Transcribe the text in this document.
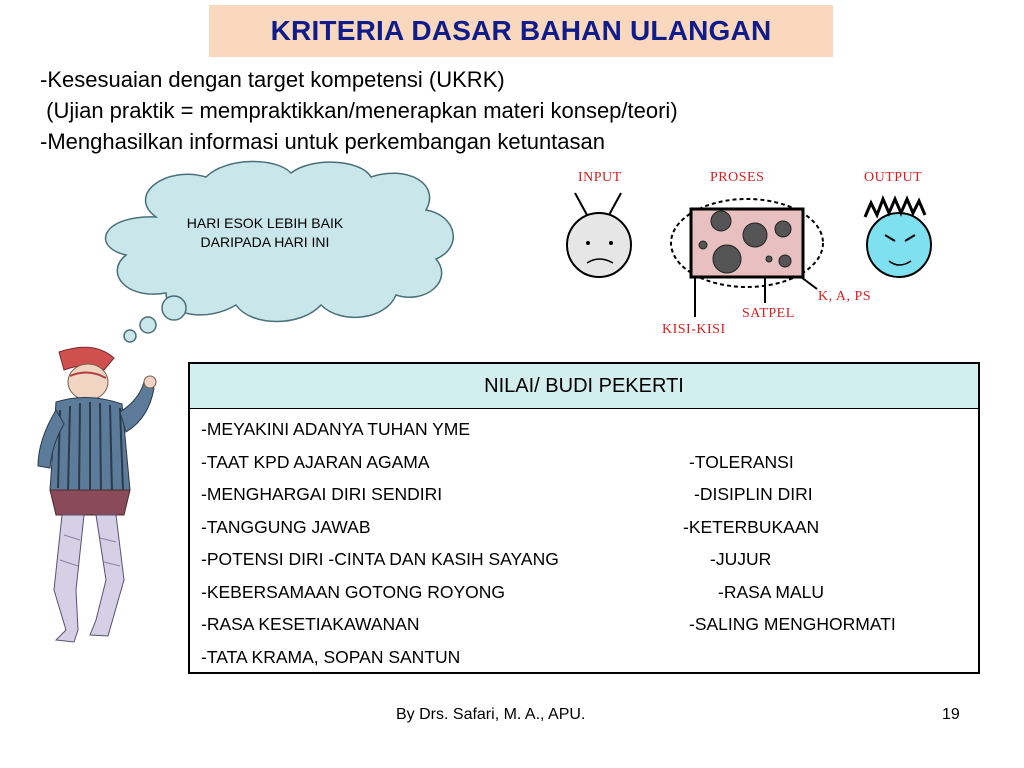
KRITERIA DASAR BAHAN ULANGAN
-Kesesuaian dengan target kompetensi (UKRK)
(Ujian praktik = mempraktikkan/menerapkan materi konsep/teori)
-Menghasilkan informasi untuk perkembangan ketuntasan
HARI ESOK LEBIH BAIK
DARIPADA HARI INI
INPUT	PROSES	OUTPUT
K, A, PS
SATPEL
KISI-KISI
NILAI/ BUDI PEKERTI
-MEYAKINI ADANYA TUHAN YME
-TAAT KPD AJARAN AGAMA	-TOLERANSI
-MENGHARGAI DIRI SENDIRI	-DISIPLIN DIRI
-TANGGUNG JAWAB	-KETERBUKAAN
-POTENSI DIRI -CINTA DAN KASIH SAYANG	-JUJUR
-KEBERSAMAAN GOTONG ROYONG	-RASA MALU
-RASA KESETIAKAWANAN	-SALING MENGHORMATI
-TATA KRAMA, SOPAN SANTUN
By Drs. Safari, M. A., APU.	19
